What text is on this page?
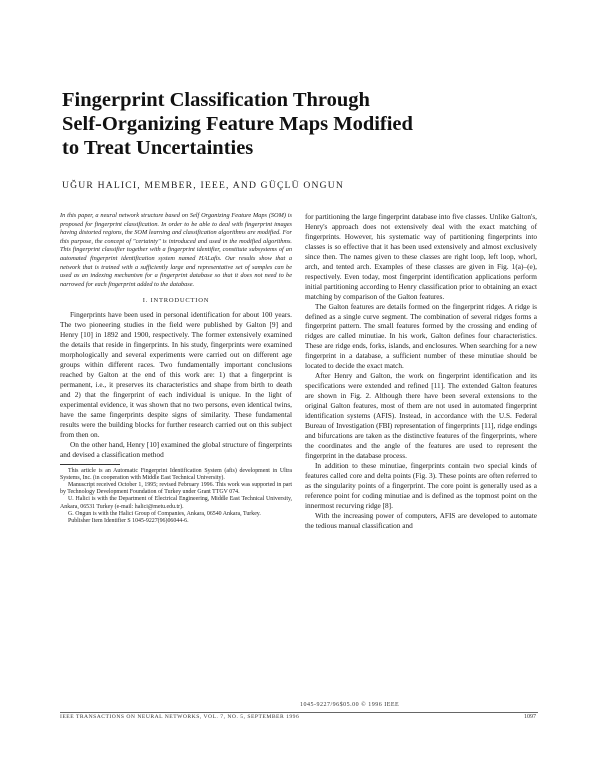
Fingerprint Classification Through
Self-Organizing Feature Maps Modified
to Treat Uncertainties
UĞUR HALICI, MEMBER, IEEE, AND GÜÇLÜ ONGUN

In this paper, a neural network structure based on Self Organizing Feature Maps (SOM) is proposed for fingerprint classification. In order to be able to deal with fingerprint images having distorted regions, the SOM learning and classification algorithms are modified. For this purpose, the concept of "certainty" is introduced and used in the modified algorithms. This fingerprint classifier together with a fingerprint identifier, constitute subsystems of an automated fingerprint identification system named HALafis. Our results show that a network that is trained with a sufficiently large and representative set of samples can be used as an indexing mechanism for a fingerprint database so that it does not need to be narrowed for each fingerprint added to the database.

I. INTRODUCTION

Fingerprints have been used in personal identification for about 100 years. The two pioneering studies in the field were published by Galton [9] and Henry [10] in 1892 and 1900, respectively. The former extensively examined the details that reside in fingerprints. In his study, fingerprints were examined morphologically and several experiments were carried out on different age groups within different races. Two fundamentally important conclusions reached by Galton at the end of this work are: 1) that a fingerprint is permanent, i.e., it preserves its characteristics and shape from birth to death and 2) that the fingerprint of each individual is unique. In the light of experimental evidence, it was shown that no two persons, even identical twins, have the same fingerprints despite signs of similarity. These fundamental results were the building blocks for further research carried out on this subject from then on.

On the other hand, Henry [10] examined the global structure of fingerprints and devised a classification method

This article is an Automatic Fingerprint Identification System (afis) development in Ultra Systems, Inc. (in cooperation with Middle East Technical University).

Manuscript received October 1, 1995; revised February 1996. This work was supported in part by Technology Development Foundation of Turkey under Grant TTGV 074.

U. Halici is with the Department of Electrical Engineering, Middle East Technical University, Ankara, 06531 Turkey (e-mail: halici@metu.edu.tr).

G. Ongun is with the Halici Group of Companies, Ankara, 06540 Ankara, Turkey.

Publisher Item Identifier S 1045-9227(96)06044-6.

for partitioning the large fingerprint database into five classes. Unlike Galton's, Henry's approach does not extensively deal with the exact matching of fingerprints. However, his systematic way of partitioning fingerprints into classes is so effective that it has been used extensively and almost exclusively since then. The names given to these classes are right loop, left loop, whorl, arch, and tented arch. Examples of these classes are given in Fig. 1(a)–(e), respectively. Even today, most fingerprint identification applications perform initial partitioning according to Henry classification prior to obtaining an exact matching by comparison of the Galton features.

The Galton features are details formed on the fingerprint ridges. A ridge is defined as a single curve segment. The combination of several ridges forms a fingerprint pattern. The small features formed by the crossing and ending of ridges are called minutiae. In his work, Galton defines four characteristics. These are ridge ends, forks, islands, and enclosures. When searching for a new fingerprint in a database, a sufficient number of these minutiae should be located to decide the exact match.

After Henry and Galton, the work on fingerprint identification and its specifications were extended and refined [11]. The extended Galton features are shown in Fig. 2. Although there have been several extensions to the original Galton features, most of them are not used in automated fingerprint identification systems (AFIS). Instead, in accordance with the U.S. Federal Bureau of Investigation (FBI) representation of fingerprints [11], ridge endings and bifurcations are taken as the distinctive features of the fingerprints, where the coordinates and the angle of the features are used to represent the fingerprint in the database process.

In addition to these minutiae, fingerprints contain two special kinds of features called core and delta points (Fig. 3). These points are often referred to as the singularity points of a fingerprint. The core point is generally used as a reference point for coding minutiae and is defined as the topmost point on the innermost recurving ridge [8].

With the increasing power of computers, AFIS are developed to automate the tedious manual classification and

1045-9227/96$05.00 © 1996 IEEE
IEEE TRANSACTIONS ON NEURAL NETWORKS, VOL. 7, NO. 5, SEPTEMBER 1996	1097
